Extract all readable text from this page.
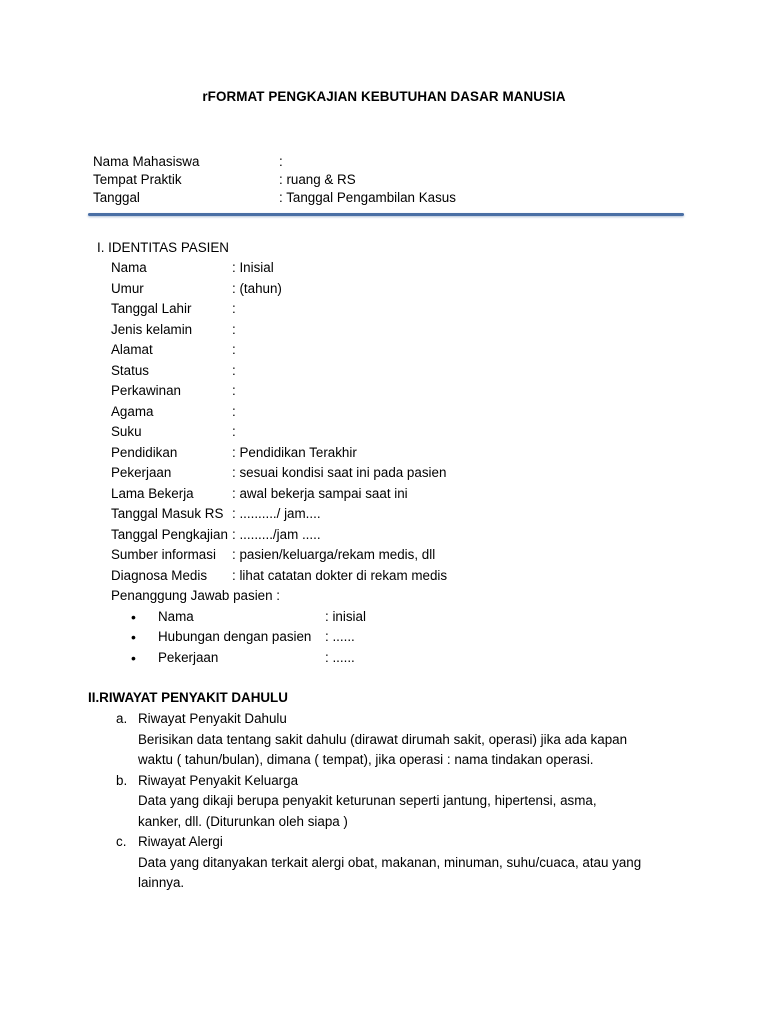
rFORMAT PENGKAJIAN KEBUTUHAN DASAR MANUSIA
Nama Mahasiswa	:
Tempat Praktik	: ruang & RS
Tanggal	: Tanggal Pengambilan Kasus
I. IDENTITAS PASIEN
Nama	: Inisial
Umur	: (tahun)
Tanggal Lahir	:
Jenis kelamin	:
Alamat	:
Status	:
Perkawinan	:
Agama	:
Suku	:
Pendidikan	: Pendidikan Terakhir
Pekerjaan	: sesuai kondisi saat ini pada pasien
Lama Bekerja	: awal bekerja sampai saat ini
Tanggal Masuk RS : ........../ jam....
Tanggal Pengkajian : ........./jam .....
Sumber informasi : pasien/keluarga/rekam medis, dll
Diagnosa Medis : lihat catatan dokter di rekam medis
Penanggung Jawab pasien :
• Nama	: inisial
• Hubungan dengan pasien : ......
• Pekerjaan	: ......
II.RIWAYAT PENYAKIT DAHULU
a. Riwayat Penyakit Dahulu
Berisikan data tentang sakit dahulu (dirawat dirumah sakit, operasi) jika ada kapan
waktu ( tahun/bulan), dimana ( tempat), jika operasi : nama tindakan operasi.
b. Riwayat Penyakit Keluarga
Data yang dikaji berupa penyakit keturunan seperti jantung, hipertensi, asma,
kanker, dll. (Diturunkan oleh siapa )
c. Riwayat Alergi
Data yang ditanyakan terkait alergi obat, makanan, minuman, suhu/cuaca, atau yang
lainnya.
